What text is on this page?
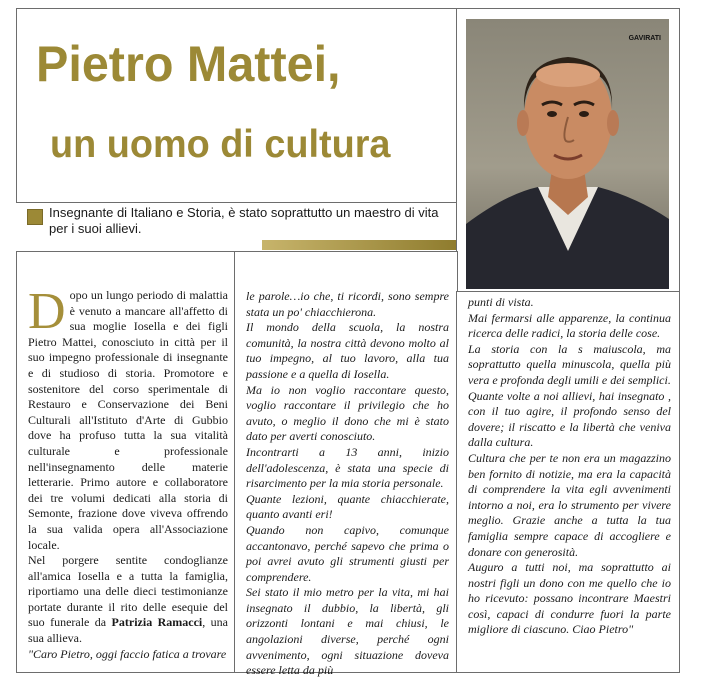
Pietro Mattei,
un uomo di cultura

Insegnante di Italiano e Storia, è stato soprattutto un maestro di vita per i suoi allievi.

GAVIRATI

Dopo un lungo periodo di malattia è venuto a mancare all'affetto di sua moglie Iosella e dei figli Pietro Mattei, conosciuto in città per il suo impegno professionale di insegnante e di studioso di storia. Promotore e sostenitore del corso sperimentale di Restauro e Conservazione dei Beni Culturali all'Istituto d'Arte di Gubbio dove ha profuso tutta la sua vitalità culturale e professionale nell'insegnamento delle materie letterarie. Primo autore e collaboratore dei tre volumi dedicati alla storia di Semonte, frazione dove viveva offrendo la sua valida opera all'Associazione locale.

Nel porgere sentite condoglianze all'amica Iosella e a tutta la famiglia, riportiamo una delle dieci testimonianze portate durante il rito delle esequie del suo funerale da Patrizia Ramacci, una sua allieva.

"Caro Pietro, oggi faccio fatica a trovare

le parole…io che, ti ricordi, sono sempre stata un po' chiacchierona.

Il mondo della scuola, la nostra comunità, la nostra città devono molto al tuo impegno, al tuo lavoro, alla tua passione e a quella di Iosella.

Ma io non voglio raccontare questo, voglio raccontare il privilegio che ho avuto, o meglio il dono che mi è stato dato per averti conosciuto.

Incontrarti a 13 anni, inizio dell'adolescenza, è stata una specie di risarcimento per la mia storia personale.

Quante lezioni, quante chiacchierate, quanto avanti eri!

Quando non capivo, comunque accantonavo, perché sapevo che prima o poi avrei avuto gli strumenti giusti per comprendere.

Sei stato il mio metro per la vita, mi hai insegnato il dubbio, la libertà, gli orizzonti lontani e mai chiusi, le angolazioni diverse, perché ogni avvenimento, ogni situazione doveva essere letta da più

punti di vista.

Mai fermarsi alle apparenze, la continua ricerca delle radici, la storia delle cose.

La storia con la s maiuscola, ma soprattutto quella minuscola, quella più vera e profonda degli umili e dei semplici.

Quante volte a noi allievi, hai insegnato , con il tuo agire, il profondo senso del dovere; il riscatto e la libertà che veniva dalla cultura.

Cultura che per te non era un magazzino ben fornito di notizie, ma era la capacità di comprendere la vita egli avvenimenti intorno a noi, era lo strumento per vivere meglio. Grazie anche a tutta la tua famiglia sempre capace di accogliere e donare con generosità.

Auguro a tutti noi, ma soprattutto ai nostri figli un dono con me quello che io ho ricevuto: possano incontrare Maestri così, capaci di condurre fuori la parte migliore di ciascuno. Ciao Pietro"
